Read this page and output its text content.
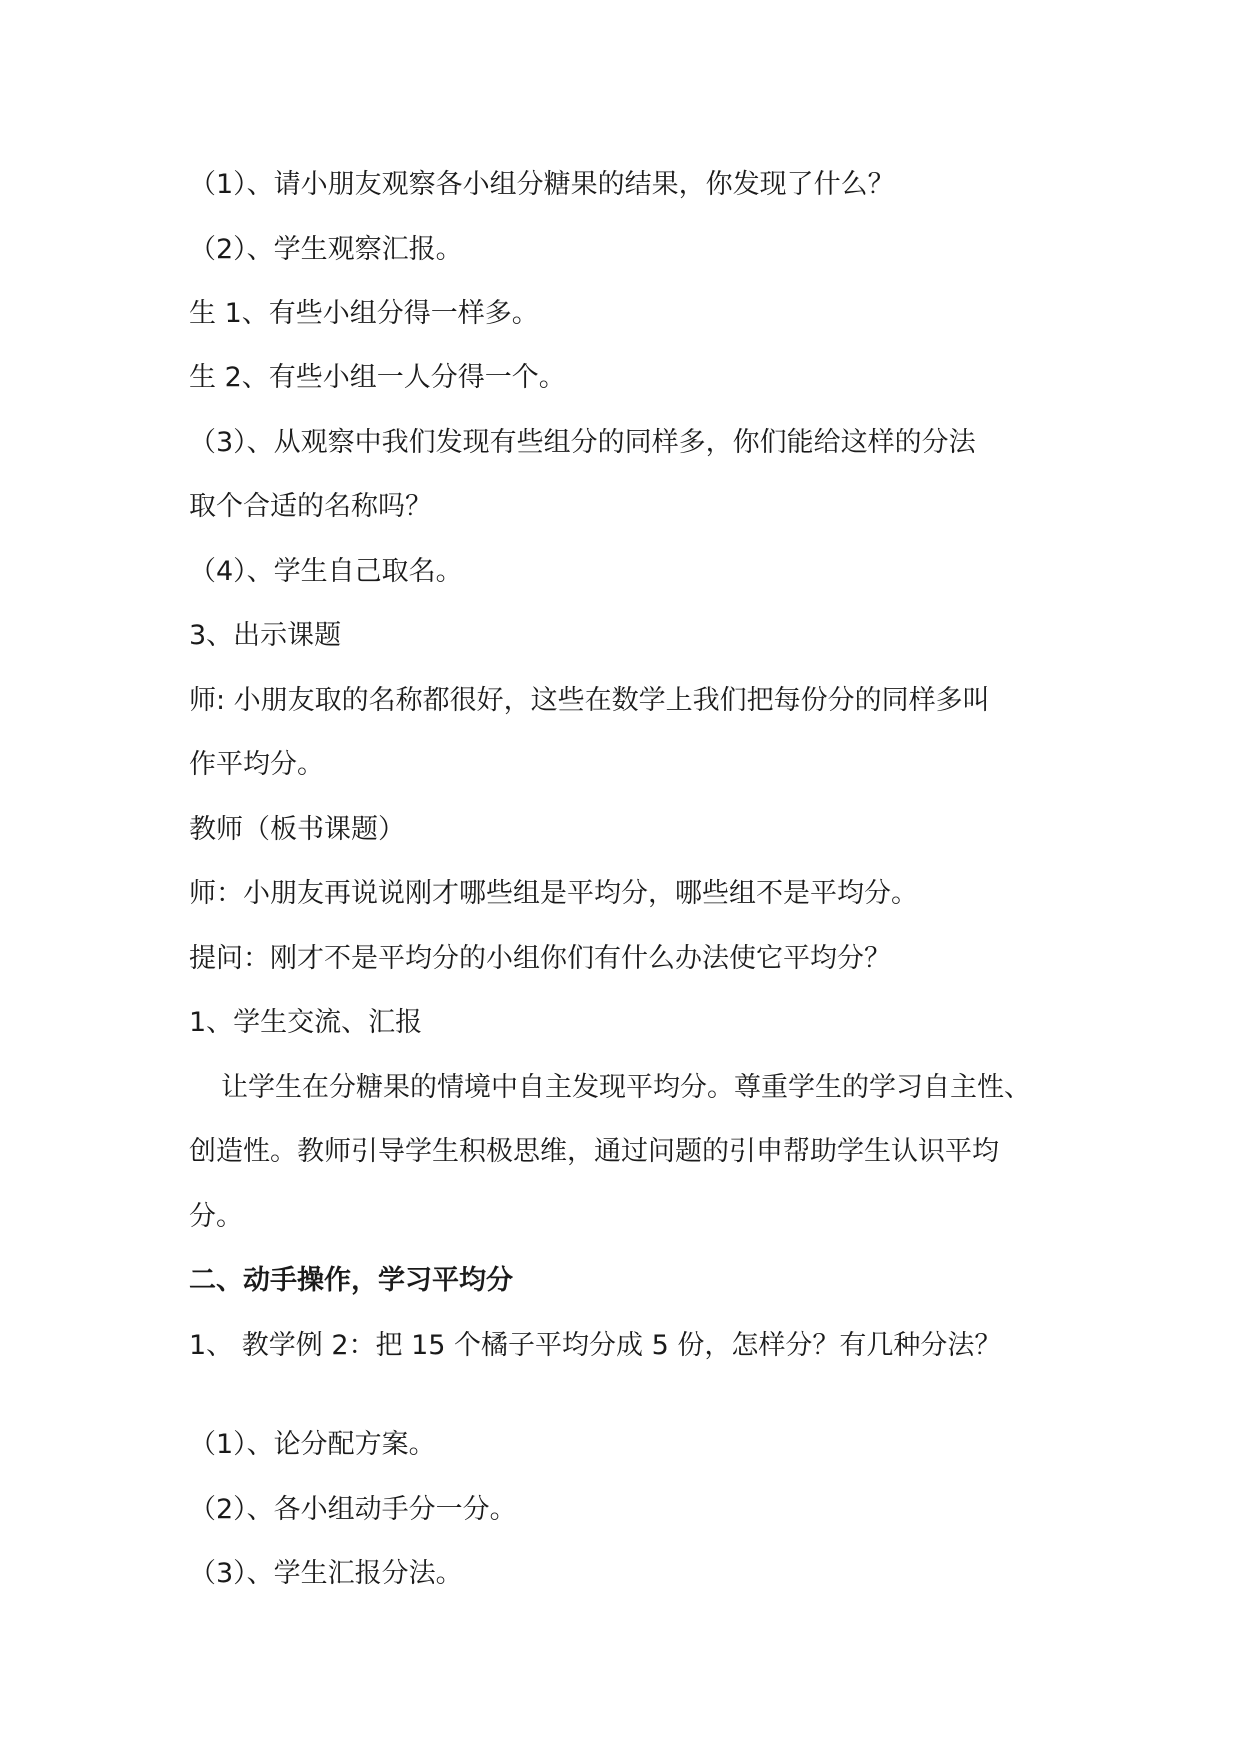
（1）、请小朋友观察各小组分糖果的结果，你发现了什么？
（2）、学生观察汇报。
生 1、有些小组分得一样多。
生 2、有些小组一人分得一个。
（3）、从观察中我们发现有些组分的同样多，你们能给这样的分法
取个合适的名称吗？
（4）、学生自己取名。
3、出示课题
师: 小朋友取的名称都很好，这些在数学上我们把每份分的同样多叫
作平均分。
教师（板书课题）
师：小朋友再说说刚才哪些组是平均分，哪些组不是平均分。
提问：刚才不是平均分的小组你们有什么办法使它平均分？
1、学生交流、汇报
让学生在分糖果的情境中自主发现平均分。尊重学生的学习自主性、
创造性。教师引导学生积极思维，通过问题的引申帮助学生认识平均
分。
二、动手操作，学习平均分
1、 教学例 2：把 15 个橘子平均分成 5 份，怎样分？有几种分法？
（1）、论分配方案。
（2）、各小组动手分一分。
（3）、学生汇报分法。
